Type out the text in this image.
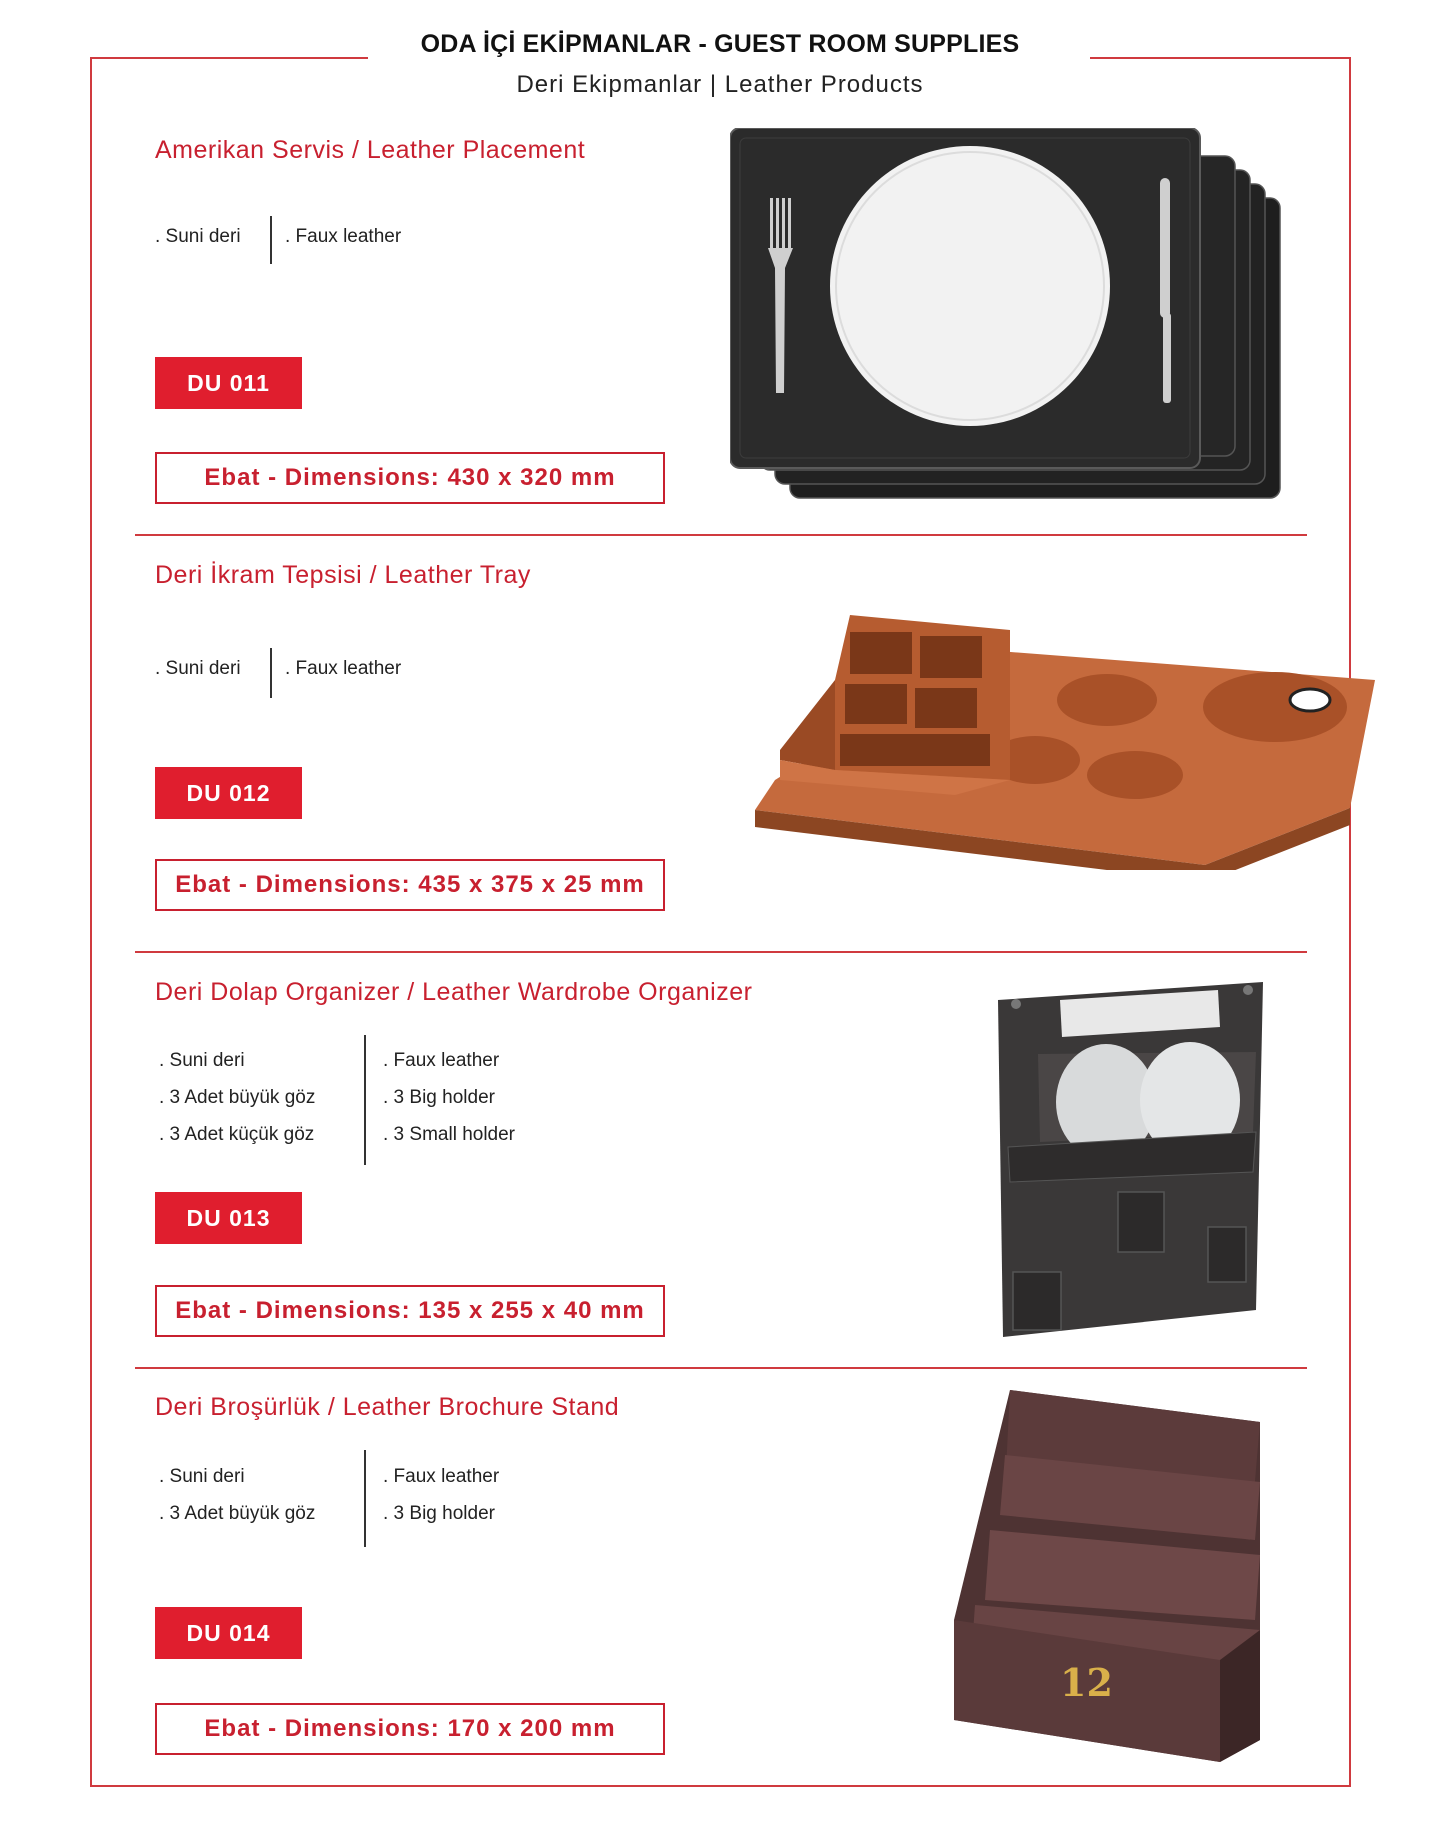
ODA İÇİ EKİPMANLAR - GUEST ROOM SUPPLIES
Deri Ekipmanlar | Leather Products
Amerikan Servis / Leather Placement
. Suni deri . Faux leather
DU 011
Ebat - Dimensions: 430 x 320 mm
Deri İkram Tepsisi / Leather Tray
. Suni deri . Faux leather
DU 012
Ebat - Dimensions: 435 x 375 x 25 mm
Deri Dolap Organizer / Leather Wardrobe Organizer
. Suni deri
. 3 Adet büyük göz
. 3 Adet küçük göz
. Faux leather
. 3 Big holder
. 3 Small holder
DU 013
Ebat - Dimensions: 135 x 255 x 40 mm
Deri Broşürlük / Leather Brochure Stand
. Suni deri
. 3 Adet büyük göz
. Faux leather
. 3 Big holder
DU 014
Ebat - Dimensions: 170 x 200 mm
12
